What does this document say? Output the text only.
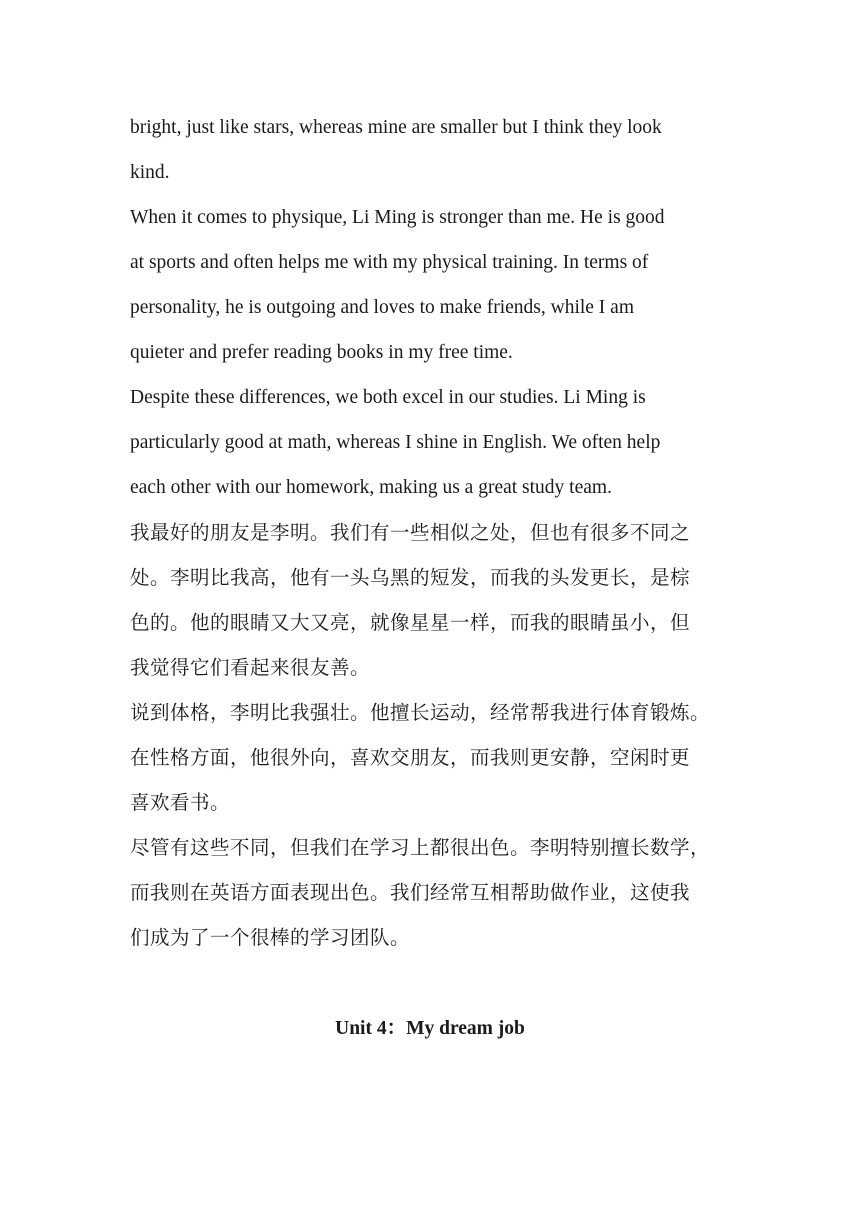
bright, just like stars, whereas mine are smaller but I think they look
kind.
When it comes to physique, Li Ming is stronger than me. He is good
at sports and often helps me with my physical training. In terms of
personality, he is outgoing and loves to make friends, while I am
quieter and prefer reading books in my free time.
Despite these differences, we both excel in our studies. Li Ming is
particularly good at math, whereas I shine in English. We often help
each other with our homework, making us a great study team.
我最好的朋友是李明。我们有一些相似之处，但也有很多不同之
处。李明比我高，他有一头乌黑的短发，而我的头发更长，是棕
色的。他的眼睛又大又亮，就像星星一样，而我的眼睛虽小，但
我觉得它们看起来很友善。
说到体格，李明比我强壮。他擅长运动，经常帮我进行体育锻炼。
在性格方面，他很外向，喜欢交朋友，而我则更安静，空闲时更
喜欢看书。
尽管有这些不同，但我们在学习上都很出色。李明特别擅长数学，
而我则在英语方面表现出色。我们经常互相帮助做作业，这使我
们成为了一个很棒的学习团队。
Unit 4：My dream job
